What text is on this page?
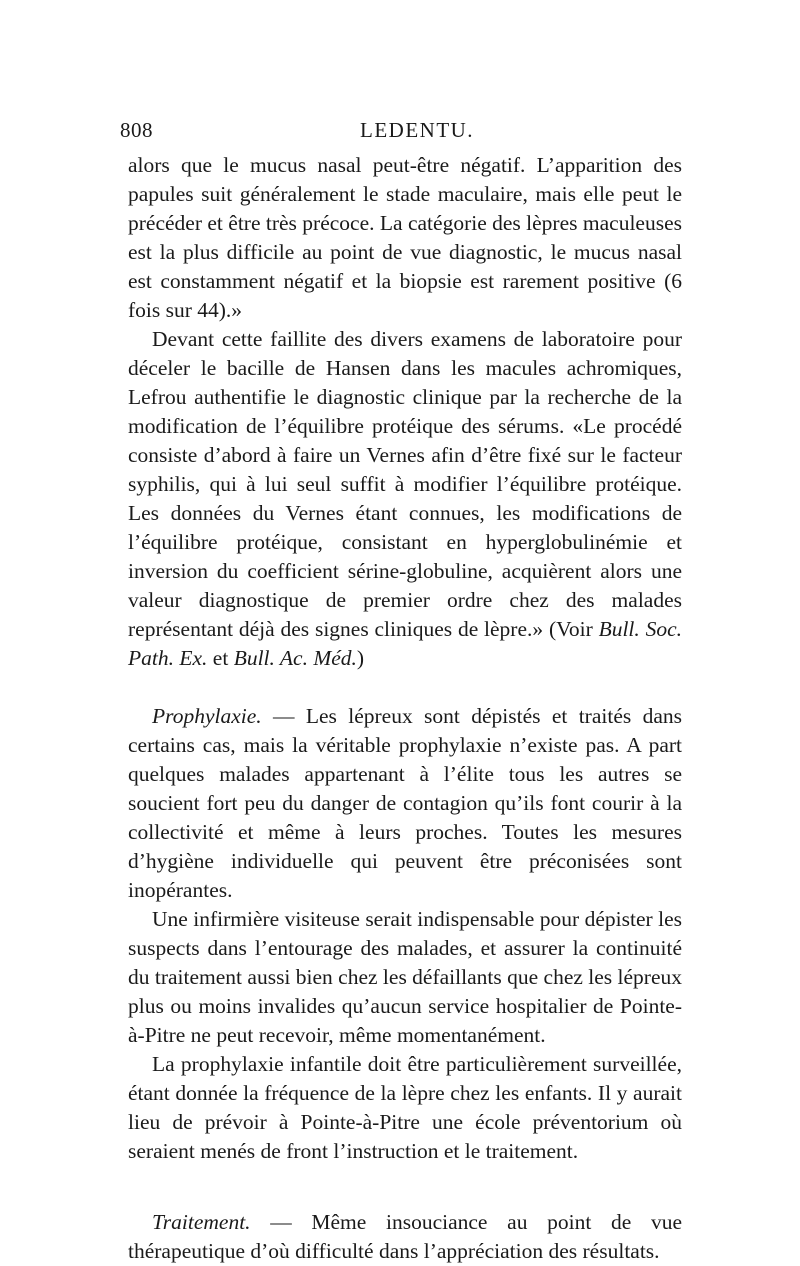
808	LEDENTU.

alors que le mucus nasal peut-être négatif. L’apparition des papules suit généralement le stade maculaire, mais elle peut le précéder et être très précoce. La catégorie des lèpres maculeuses est la plus difficile au point de vue diagnostic, le mucus nasal est constamment négatif et la biopsie est rarement positive (6 fois sur 44).»

Devant cette faillite des divers examens de laboratoire pour déceler le bacille de Hansen dans les macules achromiques, Lefrou authentifie le diagnostic clinique par la recherche de la modification de l’équilibre protéique des sérums. «Le procédé consiste d’abord à faire un Vernes afin d’être fixé sur le facteur syphilis, qui à lui seul suffit à modifier l’équilibre protéique. Les données du Vernes étant connues, les modifications de l’équilibre protéique, consistant en hyperglobulinémie et inversion du coefficient sérine-globuline, acquièrent alors une valeur diagnostique de premier ordre chez des malades représentant déjà des signes cliniques de lèpre.» (Voir Bull. Soc. Path. Ex. et Bull. Ac. Méd.)

Prophylaxie. — Les lépreux sont dépistés et traités dans certains cas, mais la véritable prophylaxie n’existe pas. A part quelques malades appartenant à l’élite tous les autres se soucient fort peu du danger de contagion qu’ils font courir à la collectivité et même à leurs proches. Toutes les mesures d’hygiène individuelle qui peuvent être préconisées sont inopérantes.

Une infirmière visiteuse serait indispensable pour dépister les suspects dans l’entourage des malades, et assurer la continuité du traitement aussi bien chez les défaillants que chez les lépreux plus ou moins invalides qu’aucun service hospitalier de Pointe-à-Pitre ne peut recevoir, même momentanément.

La prophylaxie infantile doit être particulièrement surveillée, étant donnée la fréquence de la lèpre chez les enfants. Il y aurait lieu de prévoir à Pointe-à-Pitre une école préventorium où seraient menés de front l’instruction et le traitement.

Traitement. — Même insouciance au point de vue thérapeutique d’où difficulté dans l’appréciation des résultats.
